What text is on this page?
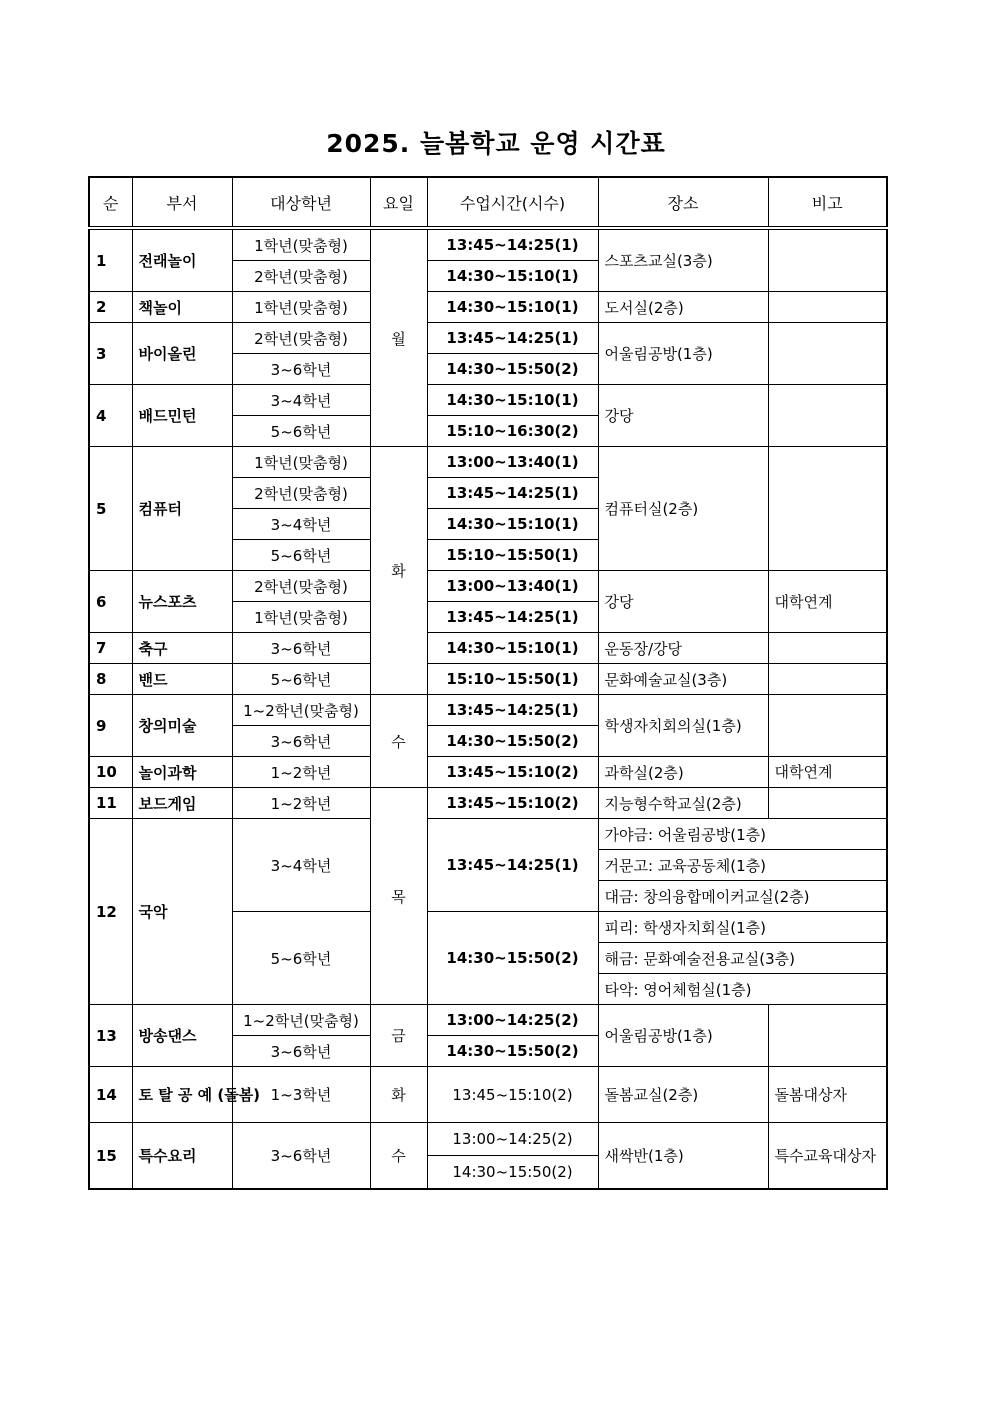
2025. 늘봄학교 운영 시간표
순	부서	대상학년	요일	수업시간(시수)	장소	비고
1	전래놀이	1학년(맞춤형)	월	13:45~14:25(1)	스포츠교실(3층)	
		2학년(맞춤형)		14:30~15:10(1)		
2	책놀이	1학년(맞춤형)		14:30~15:10(1)	도서실(2층)	
3	바이올린	2학년(맞춤형)		13:45~14:25(1)	어울림공방(1층)	
		3~6학년		14:30~15:50(2)		
4	배드민턴	3~4학년		14:30~15:10(1)	강당	
		5~6학년		15:10~16:30(2)		
5	컴퓨터	1학년(맞춤형)	화	13:00~13:40(1)	컴퓨터실(2층)	
		2학년(맞춤형)		13:45~14:25(1)		
		3~4학년		14:30~15:10(1)		
		5~6학년		15:10~15:50(1)		
6	뉴스포츠	2학년(맞춤형)		13:00~13:40(1)	강당	대학연계
		1학년(맞춤형)		13:45~14:25(1)		
7	축구	3~6학년		14:30~15:10(1)	운동장/강당	
8	밴드	5~6학년		15:10~15:50(1)	문화예술교실(3층)	
9	창의미술	1~2학년(맞춤형)	수	13:45~14:25(1)	학생자치회의실(1층)	
		3~6학년		14:30~15:50(2)		
10	놀이과학	1~2학년		13:45~15:10(2)	과학실(2층)	대학연계
11	보드게임	1~2학년	목	13:45~15:10(2)	지능형수학교실(2층)	
12	국악	3~4학년		13:45~14:25(1)	가야금: 어울림공방(1층)	
					거문고: 교육공동체(1층)	
					대금: 창의융합메이커교실(2층)	
		5~6학년		14:30~15:50(2)	피리: 학생자치회실(1층)	
					해금: 문화예술전용교실(3층)	
					타악: 영어체험실(1층)	
13	방송댄스	1~2학년(맞춤형)	금	13:00~14:25(2)	어울림공방(1층)	
		3~6학년		14:30~15:50(2)		
14	토 탈 공 예 (돌봄)	1~3학년	화	13:45~15:10(2)	돌봄교실(2층)	돌봄대상자
15	특수요리	3~6학년	수	13:00~14:25(2)	새싹반(1층)	특수교육대상자
				14:30~15:50(2)		
